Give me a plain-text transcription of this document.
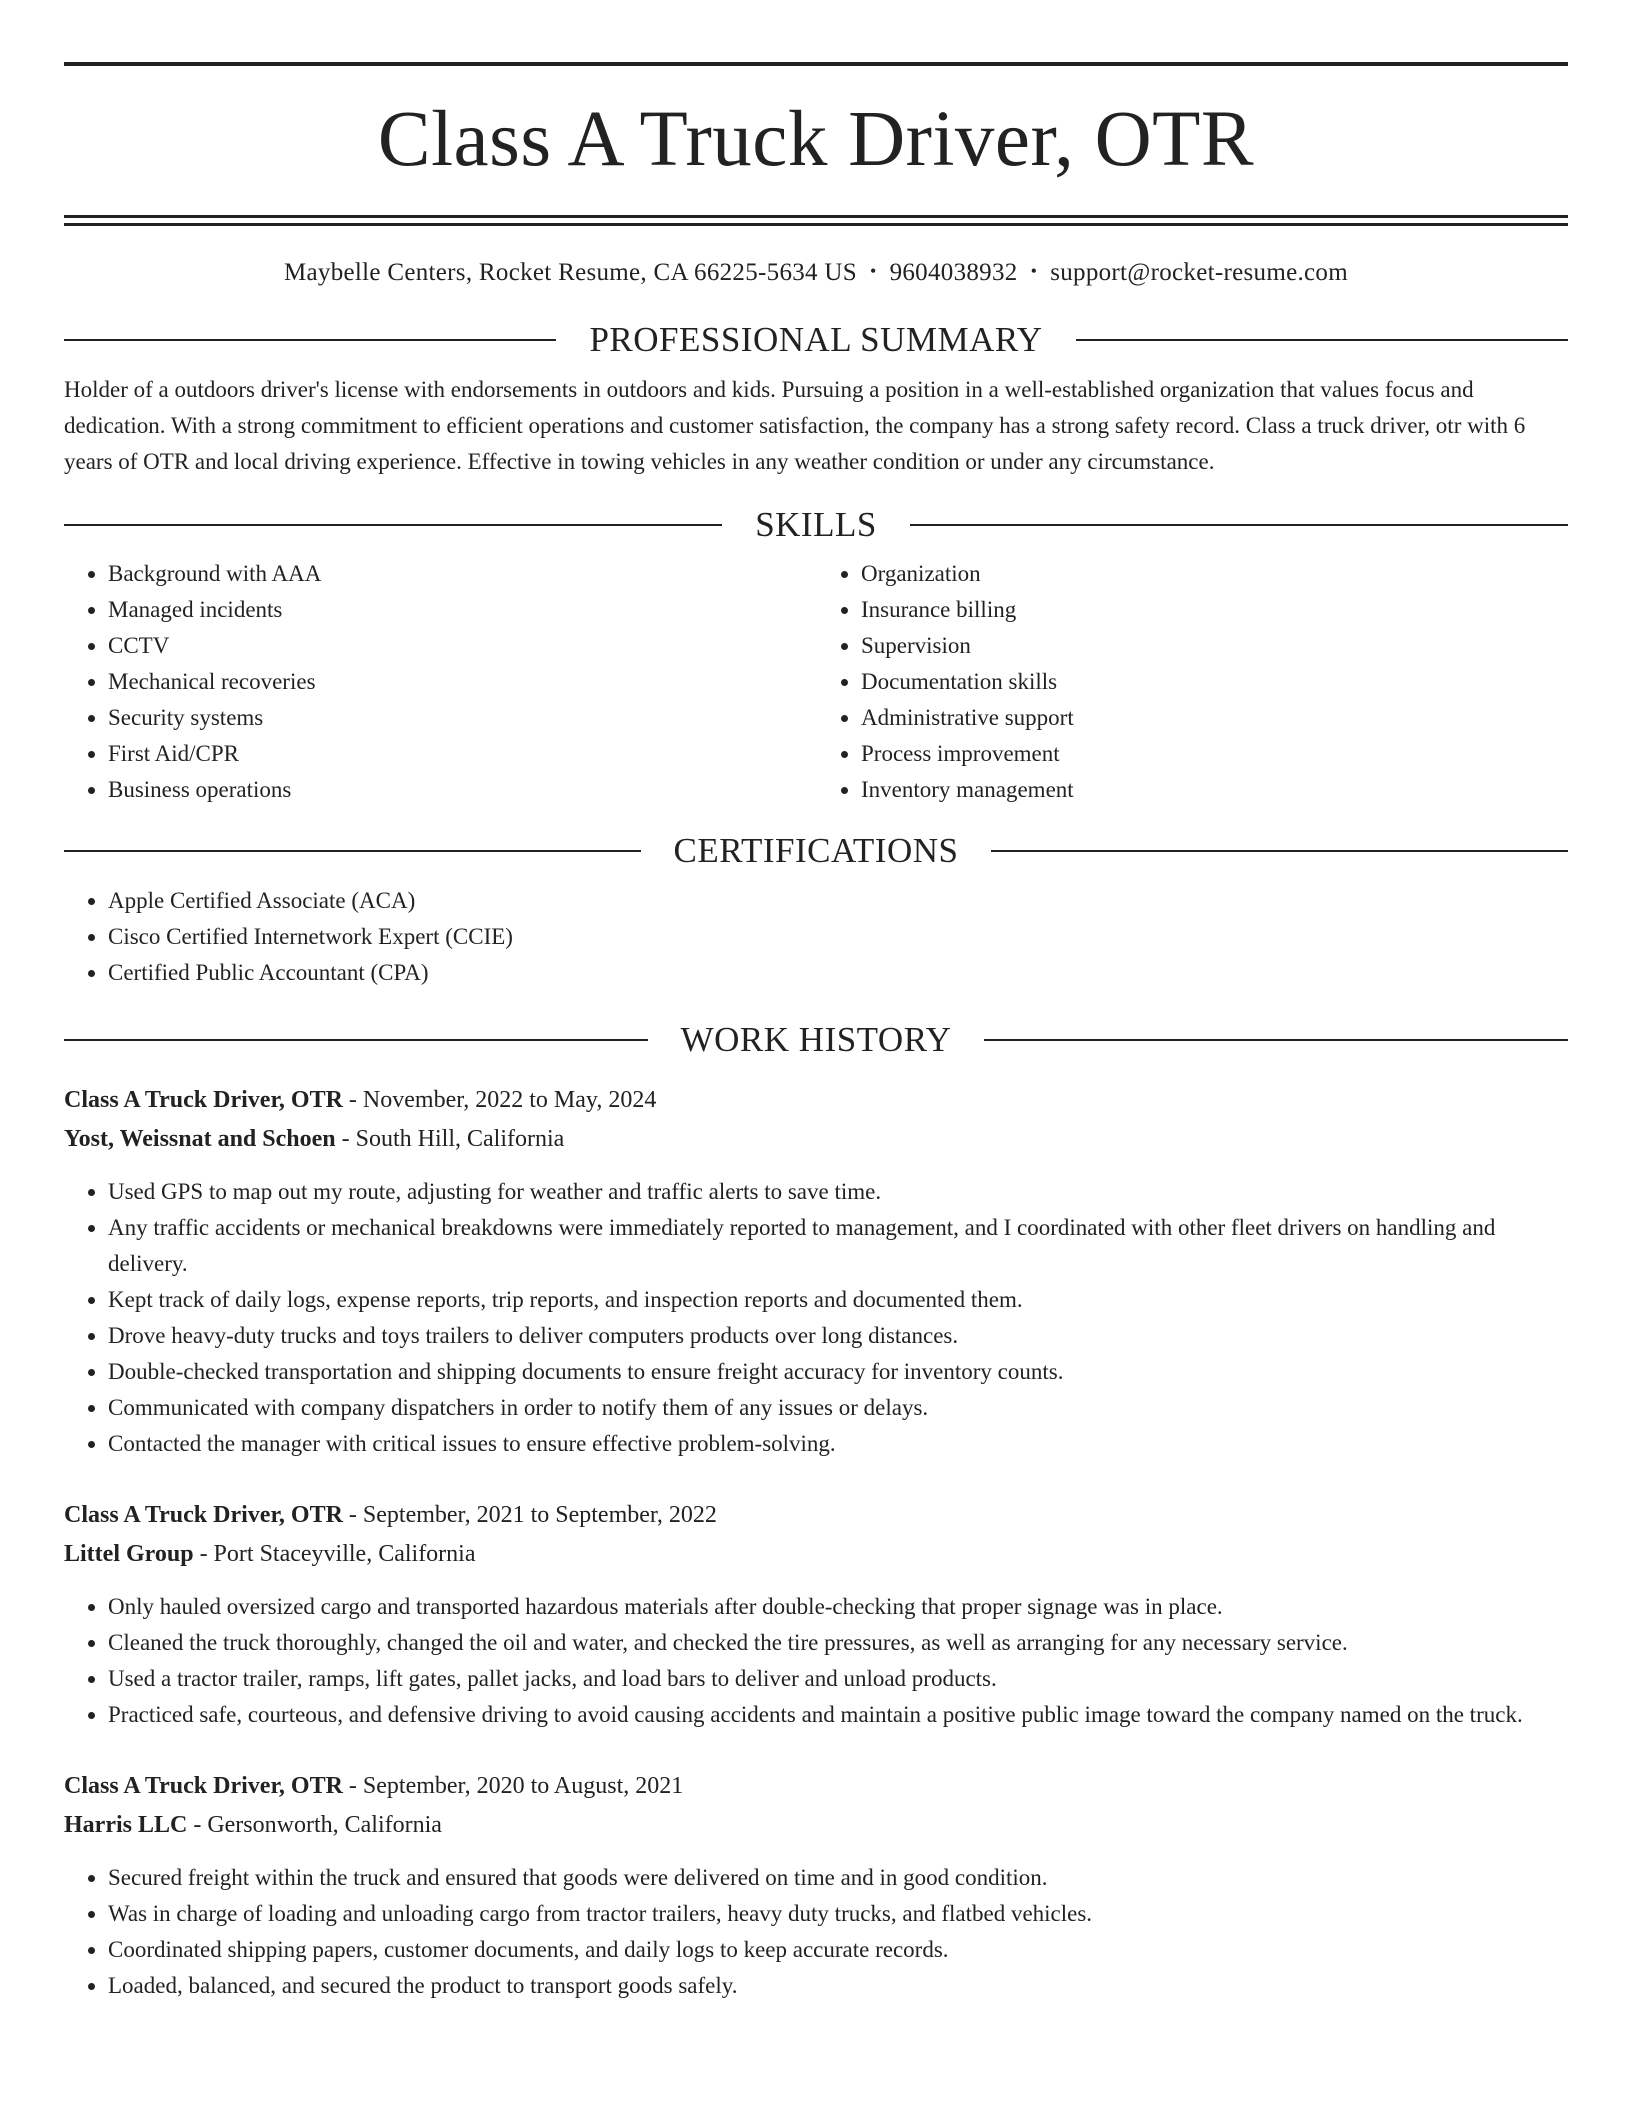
Class A Truck Driver, OTR
Maybelle Centers, Rocket Resume, CA 66225-5634 US • 9604038932 • support@rocket-resume.com
PROFESSIONAL SUMMARY
Holder of a outdoors driver's license with endorsements in outdoors and kids. Pursuing a position in a well-established organization that values focus and dedication. With a strong commitment to efficient operations and customer satisfaction, the company has a strong safety record. Class a truck driver, otr with 6 years of OTR and local driving experience. Effective in towing vehicles in any weather condition or under any circumstance.
SKILLS
• Background with AAA
• Managed incidents
• CCTV
• Mechanical recoveries
• Security systems
• First Aid/CPR
• Business operations
• Organization
• Insurance billing
• Supervision
• Documentation skills
• Administrative support
• Process improvement
• Inventory management
CERTIFICATIONS
• Apple Certified Associate (ACA)
• Cisco Certified Internetwork Expert (CCIE)
• Certified Public Accountant (CPA)
WORK HISTORY
Class A Truck Driver, OTR - November, 2022 to May, 2024
Yost, Weissnat and Schoen - South Hill, California
• Used GPS to map out my route, adjusting for weather and traffic alerts to save time.
• Any traffic accidents or mechanical breakdowns were immediately reported to management, and I coordinated with other fleet drivers on handling and delivery.
• Kept track of daily logs, expense reports, trip reports, and inspection reports and documented them.
• Drove heavy-duty trucks and toys trailers to deliver computers products over long distances.
• Double-checked transportation and shipping documents to ensure freight accuracy for inventory counts.
• Communicated with company dispatchers in order to notify them of any issues or delays.
• Contacted the manager with critical issues to ensure effective problem-solving.
Class A Truck Driver, OTR - September, 2021 to September, 2022
Littel Group - Port Staceyville, California
• Only hauled oversized cargo and transported hazardous materials after double-checking that proper signage was in place.
• Cleaned the truck thoroughly, changed the oil and water, and checked the tire pressures, as well as arranging for any necessary service.
• Used a tractor trailer, ramps, lift gates, pallet jacks, and load bars to deliver and unload products.
• Practiced safe, courteous, and defensive driving to avoid causing accidents and maintain a positive public image toward the company named on the truck.
Class A Truck Driver, OTR - September, 2020 to August, 2021
Harris LLC - Gersonworth, California
• Secured freight within the truck and ensured that goods were delivered on time and in good condition.
• Was in charge of loading and unloading cargo from tractor trailers, heavy duty trucks, and flatbed vehicles.
• Coordinated shipping papers, customer documents, and daily logs to keep accurate records.
• Loaded, balanced, and secured the product to transport goods safely.
